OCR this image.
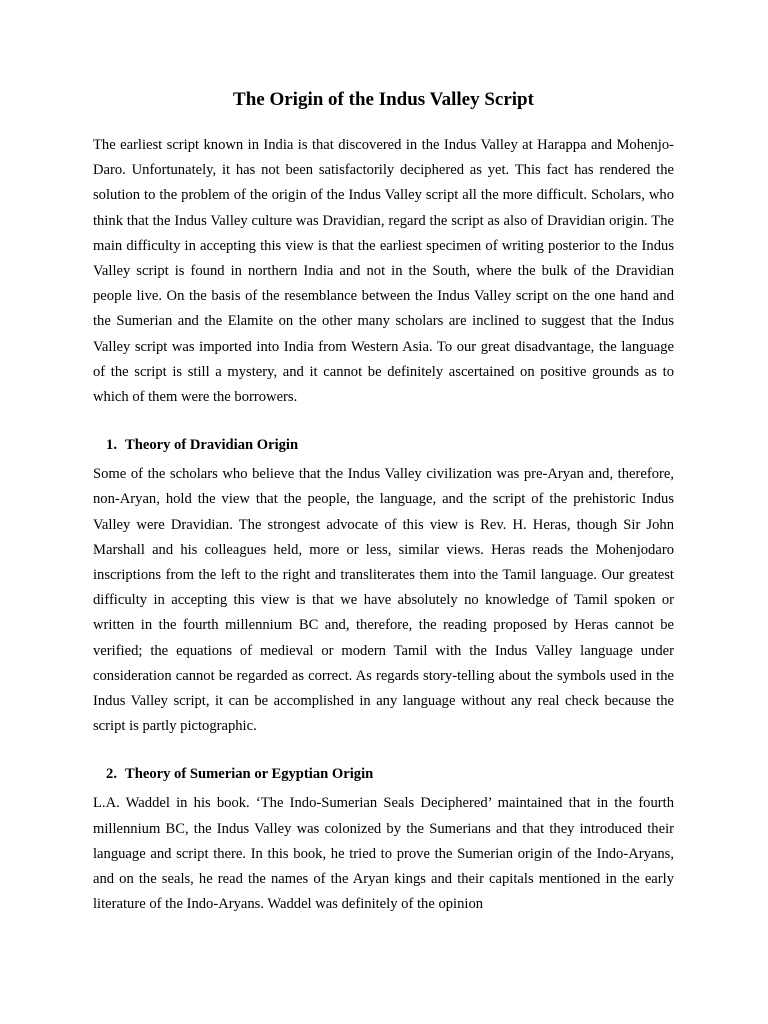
The Origin of the Indus Valley Script

The earliest script known in India is that discovered in the Indus Valley at Harappa and Mohenjo-Daro. Unfortunately, it has not been satisfactorily deciphered as yet. This fact has rendered the solution to the problem of the origin of the Indus Valley script all the more difficult. Scholars, who think that the Indus Valley culture was Dravidian, regard the script as also of Dravidian origin. The main difficulty in accepting this view is that the earliest specimen of writing posterior to the Indus Valley script is found in northern India and not in the South, where the bulk of the Dravidian people live. On the basis of the resemblance between the Indus Valley script on the one hand and the Sumerian and the Elamite on the other many scholars are inclined to suggest that the Indus Valley script was imported into India from Western Asia. To our great disadvantage, the language of the script is still a mystery, and it cannot be definitely ascertained on positive grounds as to which of them were the borrowers.

1. Theory of Dravidian Origin

Some of the scholars who believe that the Indus Valley civilization was pre-Aryan and, therefore, non-Aryan, hold the view that the people, the language, and the script of the prehistoric Indus Valley were Dravidian. The strongest advocate of this view is Rev. H. Heras, though Sir John Marshall and his colleagues held, more or less, similar views. Heras reads the Mohenjodaro inscriptions from the left to the right and transliterates them into the Tamil language. Our greatest difficulty in accepting this view is that we have absolutely no knowledge of Tamil spoken or written in the fourth millennium BC and, therefore, the reading proposed by Heras cannot be verified; the equations of medieval or modern Tamil with the Indus Valley language under consideration cannot be regarded as correct. As regards story-telling about the symbols used in the Indus Valley script, it can be accomplished in any language without any real check because the script is partly pictographic.

2. Theory of Sumerian or Egyptian Origin

L.A. Waddel in his book. ‘The Indo-Sumerian Seals Deciphered’ maintained that in the fourth millennium BC, the Indus Valley was colonized by the Sumerians and that they introduced their language and script there. In this book, he tried to prove the Sumerian origin of the Indo-Aryans, and on the seals, he read the names of the Aryan kings and their capitals mentioned in the early literature of the Indo-Aryans. Waddel was definitely of the opinion
